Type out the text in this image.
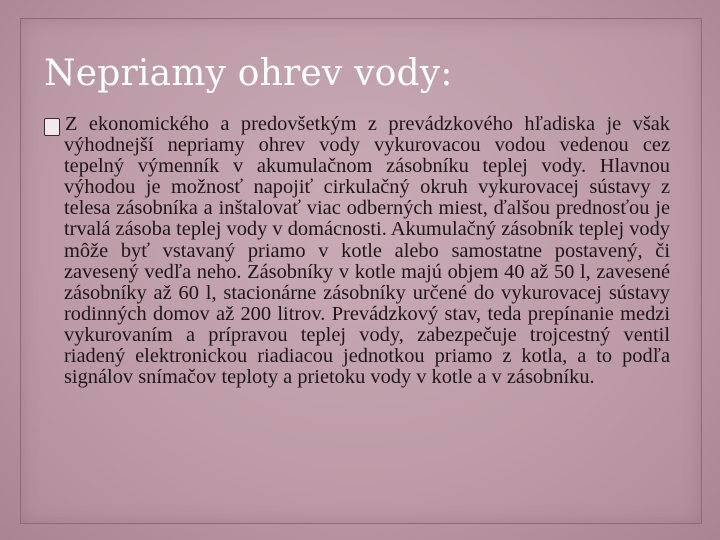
Nepriamy ohrev vody:

Z ekonomického a predovšetkým z prevádzkového hľadiska je však výhodnejší nepriamy ohrev vody vykurovacou vodou vedenou cez tepelný výmenník v akumulačnom zásobníku teplej vody. Hlavnou výhodou je možnosť napojiť cirkulačný okruh vykurovacej sústavy z telesa zásobníka a inštalovať viac odberných miest, ďalšou prednosťou je trvalá zásoba teplej vody v domácnosti. Akumulačný zásobník teplej vody môže byť vstavaný priamo v kotle alebo samostatne postavený, či zavesený vedľa neho. Zásobníky v kotle majú objem 40 až 50 l, zavesené zásobníky až 60 l, stacionárne zásobníky určené do vykurovacej sústavy rodinných domov až 200 litrov. Prevádzkový stav, teda prepínanie medzi vykurovaním a prípravou teplej vody, zabezpečuje trojcestný ventil riadený elektronickou riadiacou jednotkou priamo z kotla, a to podľa signálov snímačov teploty a prietoku vody v kotle a v zásobníku.
